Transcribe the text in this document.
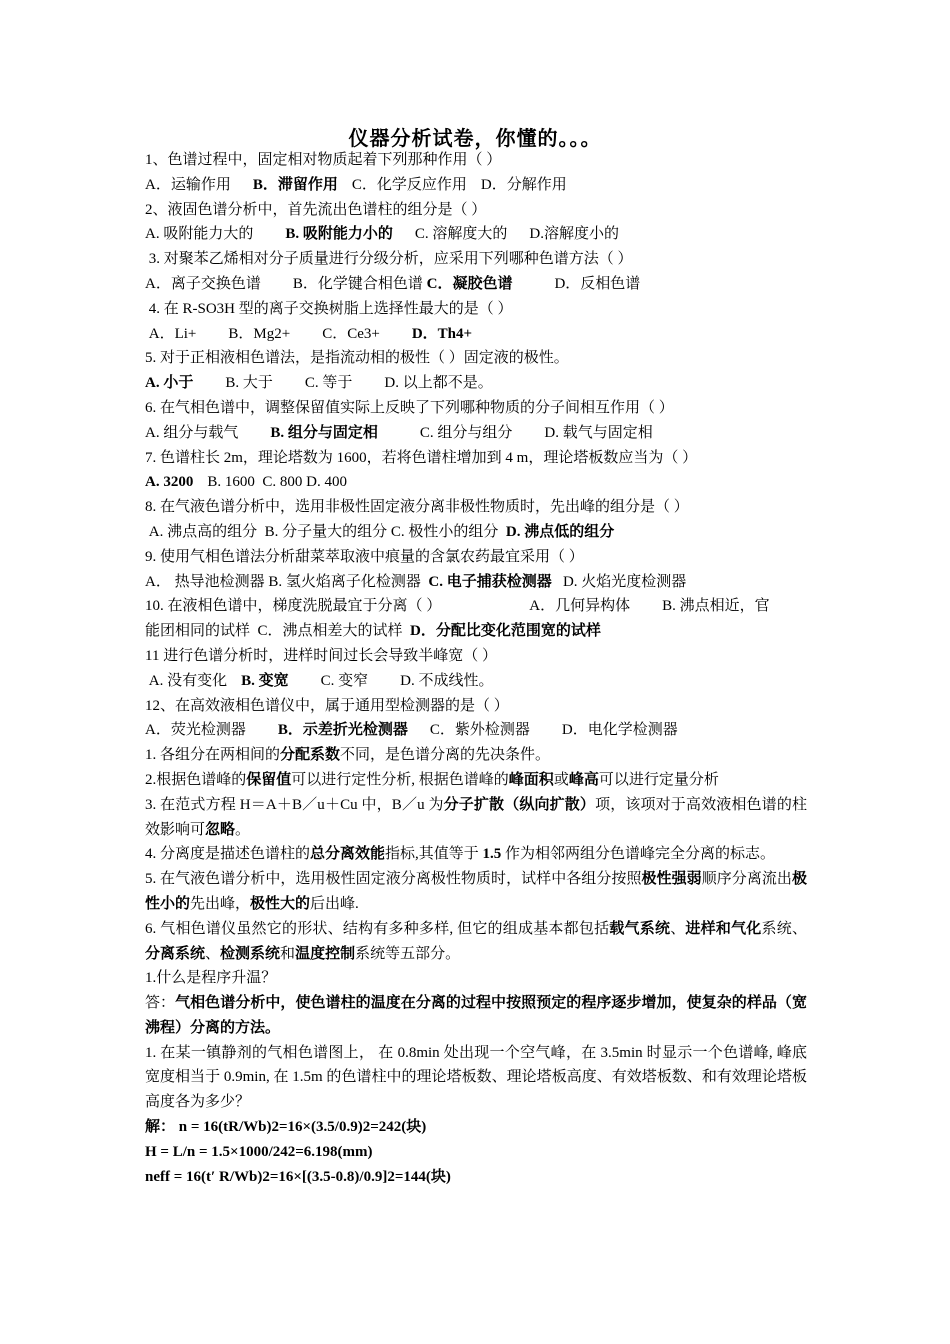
仪器分析试卷，你懂的。。。

1、色谱过程中，固定相对物质起着下列那种作用（ ）

A．运输作用 B．滞留作用 C．化学反应作用 D．分解作用

2、液固色谱分析中，首先流出色谱柱的组分是（ ）

A. 吸附能力大的 B. 吸附能力小的 C. 溶解度大的 D.溶解度小的

3. 对聚苯乙烯相对分子质量进行分级分析，应采用下列哪种色谱方法（ ）

A．离子交换色谱 B．化学键合相色谱 C．凝胶色谱	D．反相色谱

4. 在 R-SO3H 型的离子交换树脂上选择性最大的是（ ）

A．Li+ B．Mg2+ C．Ce3+ D．Th4+

5. 对于正相液相色谱法，是指流动相的极性（ ）固定液的极性。

A. 小于 B. 大于 C. 等于 D. 以上都不是。

6. 在气相色谱中，调整保留值实际上反映了下列哪种物质的分子间相互作用（ ）

A. 组分与载气 B. 组分与固定相	C. 组分与组分 D. 载气与固定相

7. 色谱柱长 2m，理论塔数为 1600，若将色谱柱增加到 4 m，理论塔板数应当为（ ）

A. 3200 B. 1600 C. 800 D. 400

8. 在气液色谱分析中，选用非极性固定液分离非极性物质时，先出峰的组分是（ ）

A. 沸点高的组分 B. 分子量大的组分 C. 极性小的组分 D. 沸点低的组分

9. 使用气相色谱法分析甜菜萃取液中痕量的含氯农药最宜采用（ ）

A． 热导池检测器 B. 氢火焰离子化检测器 C. 电子捕获检测器 D. 火焰光度检测器

10. 在液相色谱中，梯度洗脱最宜于分离（ ）	A．几何异构体 B. 沸点相近，官

能团相同的试样 C．沸点相差大的试样 D．分配比变化范围宽的试样

11 进行色谱分析时，进样时间过长会导致半峰宽（ ）

A. 没有变化 B. 变宽 C. 变窄 D. 不成线性。

12、在高效液相色谱仪中，属于通用型检测器的是（ ）

A．荧光检测器 B．示差折光检测器 C．紫外检测器 D．电化学检测器

1. 各组分在两相间的分配系数不同，是色谱分离的先决条件。

2.根据色谱峰的保留值可以进行定性分析, 根据色谱峰的峰面积或峰高可以进行定量分析

3. 在范式方程 H＝A＋B／u＋Cu 中，B／u 为分子扩散（纵向扩散）项，该项对于高效液相色谱的柱效影响可忽略。

4. 分离度是描述色谱柱的总分离效能指标,其值等于 1.5 作为相邻两组分色谱峰完全分离的标志。

5. 在气液色谱分析中，选用极性固定液分离极性物质时，试样中各组分按照极性强弱顺序分离流出极性小的先出峰，极性大的后出峰.

6. 气相色谱仪虽然它的形状、结构有多种多样, 但它的组成基本都包括载气系统、进样和气化系统、分离系统、检测系统和温度控制系统等五部分。

1.什么是程序升温？

答：气相色谱分析中，使色谱柱的温度在分离的过程中按照预定的程序逐步增加，使复杂的样品（宽沸程）分离的方法。

1. 在某一镇静剂的气相色谱图上， 在 0.8min 处出现一个空气峰，在 3.5min 时显示一个色谱峰, 峰底宽度相当于 0.9min, 在 1.5m 的色谱柱中的理论塔板数、理论塔板高度、有效塔板数、和有效理论塔板高度各为多少？

解： n = 16(tR/Wb)2=16×(3.5/0.9)2=242(块)

H = L/n = 1.5×1000/242=6.198(mm)

neff = 16(t′ R/Wb)2=16×[(3.5-0.8)/0.9]2=144(块)
